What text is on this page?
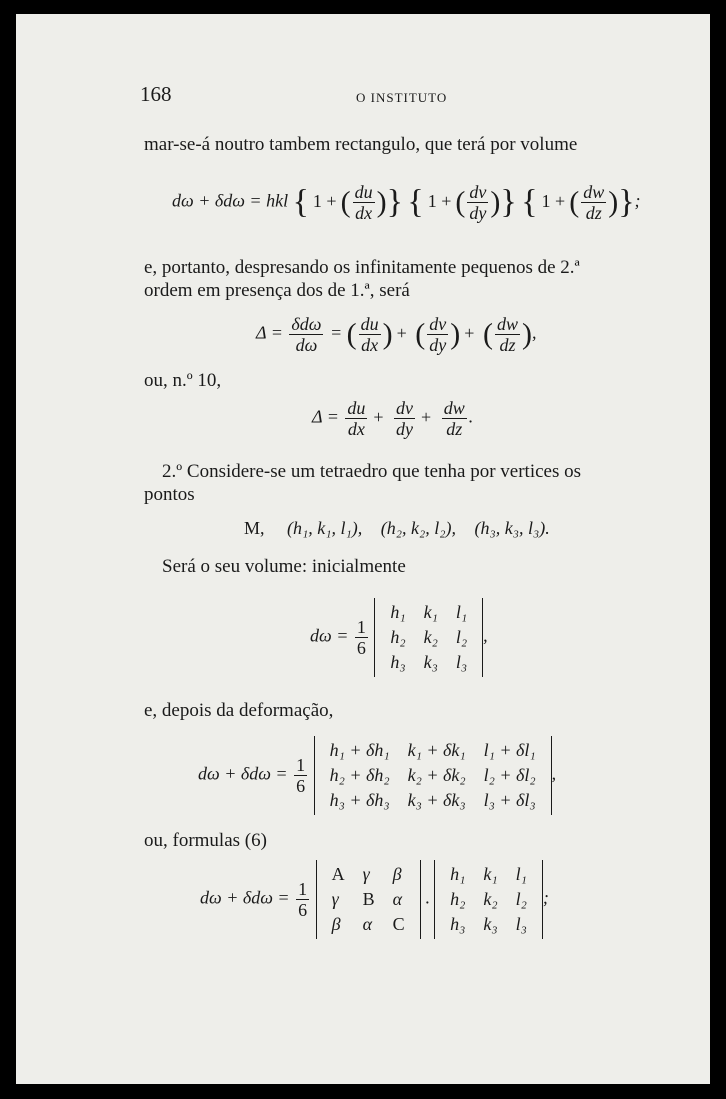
168	O INSTITUTO
mar-se-á noutro tambem rectangulo, que terá por volume
dω + δdω = hkl { 1 + ( $\frac{du}{dx}$ )} { 1 + ( $\frac{dv}{dy}$ )} { 1 + ( $\frac{dw}{dz}$ )};
e, portanto, despresando os infinitamente pequenos de 2.ª
ordem em presença dos de 1.ª, será
$\Delta = \frac{\text{δdω}}{d\omega}$ = ( $\frac{du}{dx}$ ) + ( $\frac{dv}{dy}$ ) + ( $\frac{dw}{dz}$ ),
ou, n.º 10,
$\Delta = \frac{du}{dx} + \frac{dv}{dy} + \frac{dw}{dz}$ .
2.º Considere-se um tetraedro que tenha por vertices os
pontos
M, (h₁, k₁, l₁), (h₂, k₂, l₂), (h₃, k₃, l₃).
Será o seu volume: inicialmente
$d\omega = \frac{1}{6}$

h₁	k₁	l₁
h₂	k₂	l₂
h₃	k₃	l₃
,
e, depois da deformação,
$d\omega + \delta d\omega = \frac{1}{6}$

h₁ + δh₁	k₁ + δk₁	l₁ + δl₁
h₂ + δh₂	k₂ + δk₂	l₂ + δl₂
h₃ + δh₃	k₃ + δk₃	l₃ + δl₃
,
ou, formulas (6)
$d\omega + \delta d\omega = \frac{1}{6}$

A	γ	β
γ	B	α
β	α	C
.
h₁	k₁	l₁
h₂	k₂	l₂
h₃	k₃	l₃
;
